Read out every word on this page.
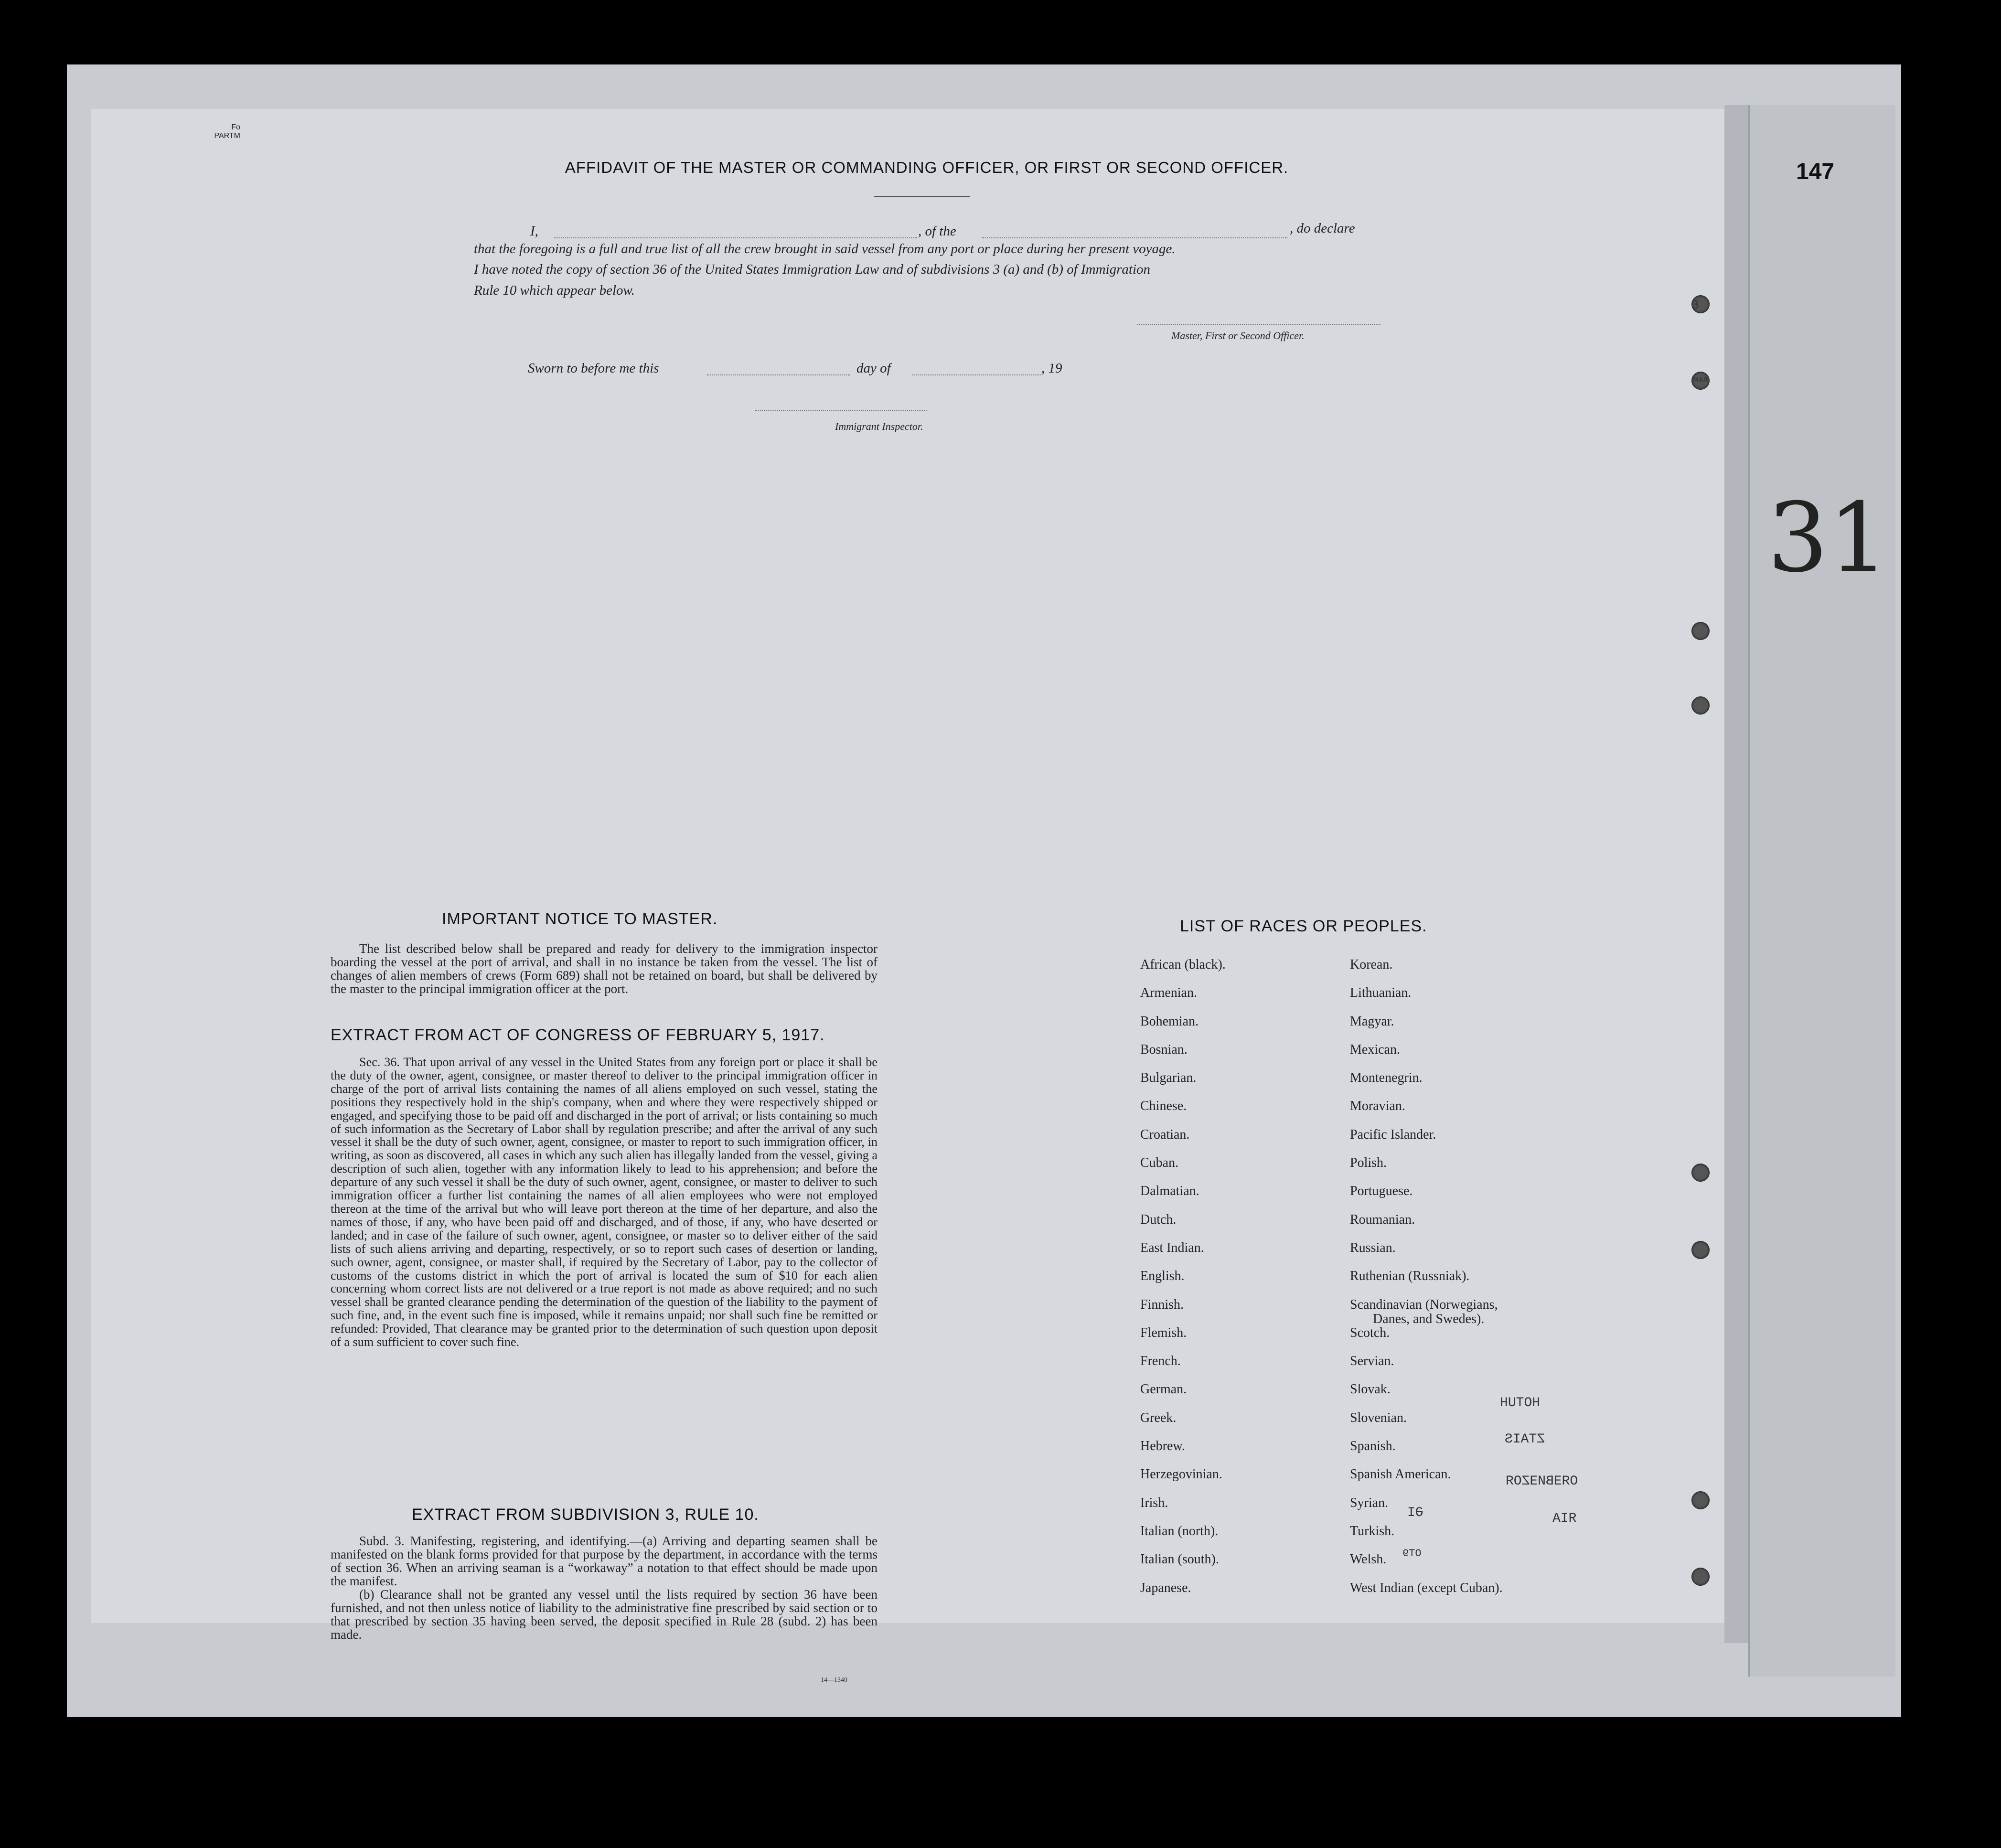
147
31
Fo
PARTM
MAR
3
AFFIDAVIT OF THE MASTER OR COMMANDING OFFICER, OR FIRST OR SECOND OFFICER.
I,	, of the	, do declare
that the foregoing is a full and true list of all the crew brought in said vessel from any port or place during her present voyage.
I have noted the copy of section 36 of the United States Immigration Law and of subdivisions 3 (a) and (b) of Immigration
Rule 10 which appear below.
Master, First or Second Officer.
Sworn to before me this	day of	, 19
Immigrant Inspector.
IMPORTANT NOTICE TO MASTER.

The list described below shall be prepared and ready for delivery to the immigration inspector boarding the vessel at the port of arrival, and shall in no instance be taken from the vessel. The list of changes of alien members of crews (Form 689) shall not be retained on board, but shall be delivered by the master to the principal immigration officer at the port.

EXTRACT FROM ACT OF CONGRESS OF FEBRUARY 5, 1917.

Sec. 36. That upon arrival of any vessel in the United States from any foreign port or place it shall be the duty of the owner, agent, consignee, or master thereof to deliver to the principal immigration officer in charge of the port of arrival lists containing the names of all aliens employed on such vessel, stating the positions they respectively hold in the ship's company, when and where they were respectively shipped or engaged, and specifying those to be paid off and discharged in the port of arrival; or lists containing so much of such information as the Secretary of Labor shall by regulation prescribe; and after the arrival of any such vessel it shall be the duty of such owner, agent, consignee, or master to report to such immigration officer, in writing, as soon as discovered, all cases in which any such alien has illegally landed from the vessel, giving a description of such alien, together with any information likely to lead to his apprehension; and before the departure of any such vessel it shall be the duty of such owner, agent, consignee, or master to deliver to such immigration officer a further list containing the names of all alien employees who were not employed thereon at the time of the arrival but who will leave port thereon at the time of her departure, and also the names of those, if any, who have been paid off and discharged, and of those, if any, who have deserted or landed; and in case of the failure of such owner, agent, consignee, or master so to deliver either of the said lists of such aliens arriving and departing, respectively, or so to report such cases of desertion or landing, such owner, agent, consignee, or master shall, if required by the Secretary of Labor, pay to the collector of customs of the customs district in which the port of arrival is located the sum of $10 for each alien concerning whom correct lists are not delivered or a true report is not made as above required; and no such vessel shall be granted clearance pending the determination of the question of the liability to the payment of such fine, and, in the event such fine is imposed, while it remains unpaid; nor shall such fine be remitted or refunded: Provided, That clearance may be granted prior to the determination of such question upon deposit of a sum sufficient to cover such fine.

EXTRACT FROM SUBDIVISION 3, RULE 10.

Subd. 3. Manifesting, registering, and identifying.—(a) Arriving and departing seamen shall be manifested on the blank forms provided for that purpose by the department, in accordance with the terms of section 36. When an arriving seaman is a “workaway” a notation to that effect should be made upon the manifest.

(b) Clearance shall not be granted any vessel until the lists required by section 36 have been furnished, and not then unless notice of liability to the administrative fine prescribed by said section or to that prescribed by section 35 having been served, the deposit specified in Rule 28 (subd. 2) has been made.

14—1340
LIST OF RACES OR PEOPLES.
African (black).
Armenian.
Bohemian.
Bosnian.
Bulgarian.
Chinese.
Croatian.
Cuban.
Dalmatian.
Dutch.
East Indian.
English.
Finnish.
Flemish.
French.
German.
Greek.
Hebrew.
Herzegovinian.
Irish.
Italian (north).
Italian (south).
Japanese.
Korean.
Lithuanian.
Magyar.
Mexican.
Montenegrin.
Moravian.
Pacific Islander.
Polish.
Portuguese.
Roumanian.
Russian.
Ruthenian (Russniak).
Scandinavian (Norwegians,
Danes, and Swedes).
Scotch.
Servian.
Slovak.
Slovenian.
Spanish.
Spanish American.
Syrian.
Turkish.
Welsh.
West Indian (except Cuban).
HOTUH
ZTAIS
OЯƎBИƎZOЯ
ЯIA
ƏI
OT9
